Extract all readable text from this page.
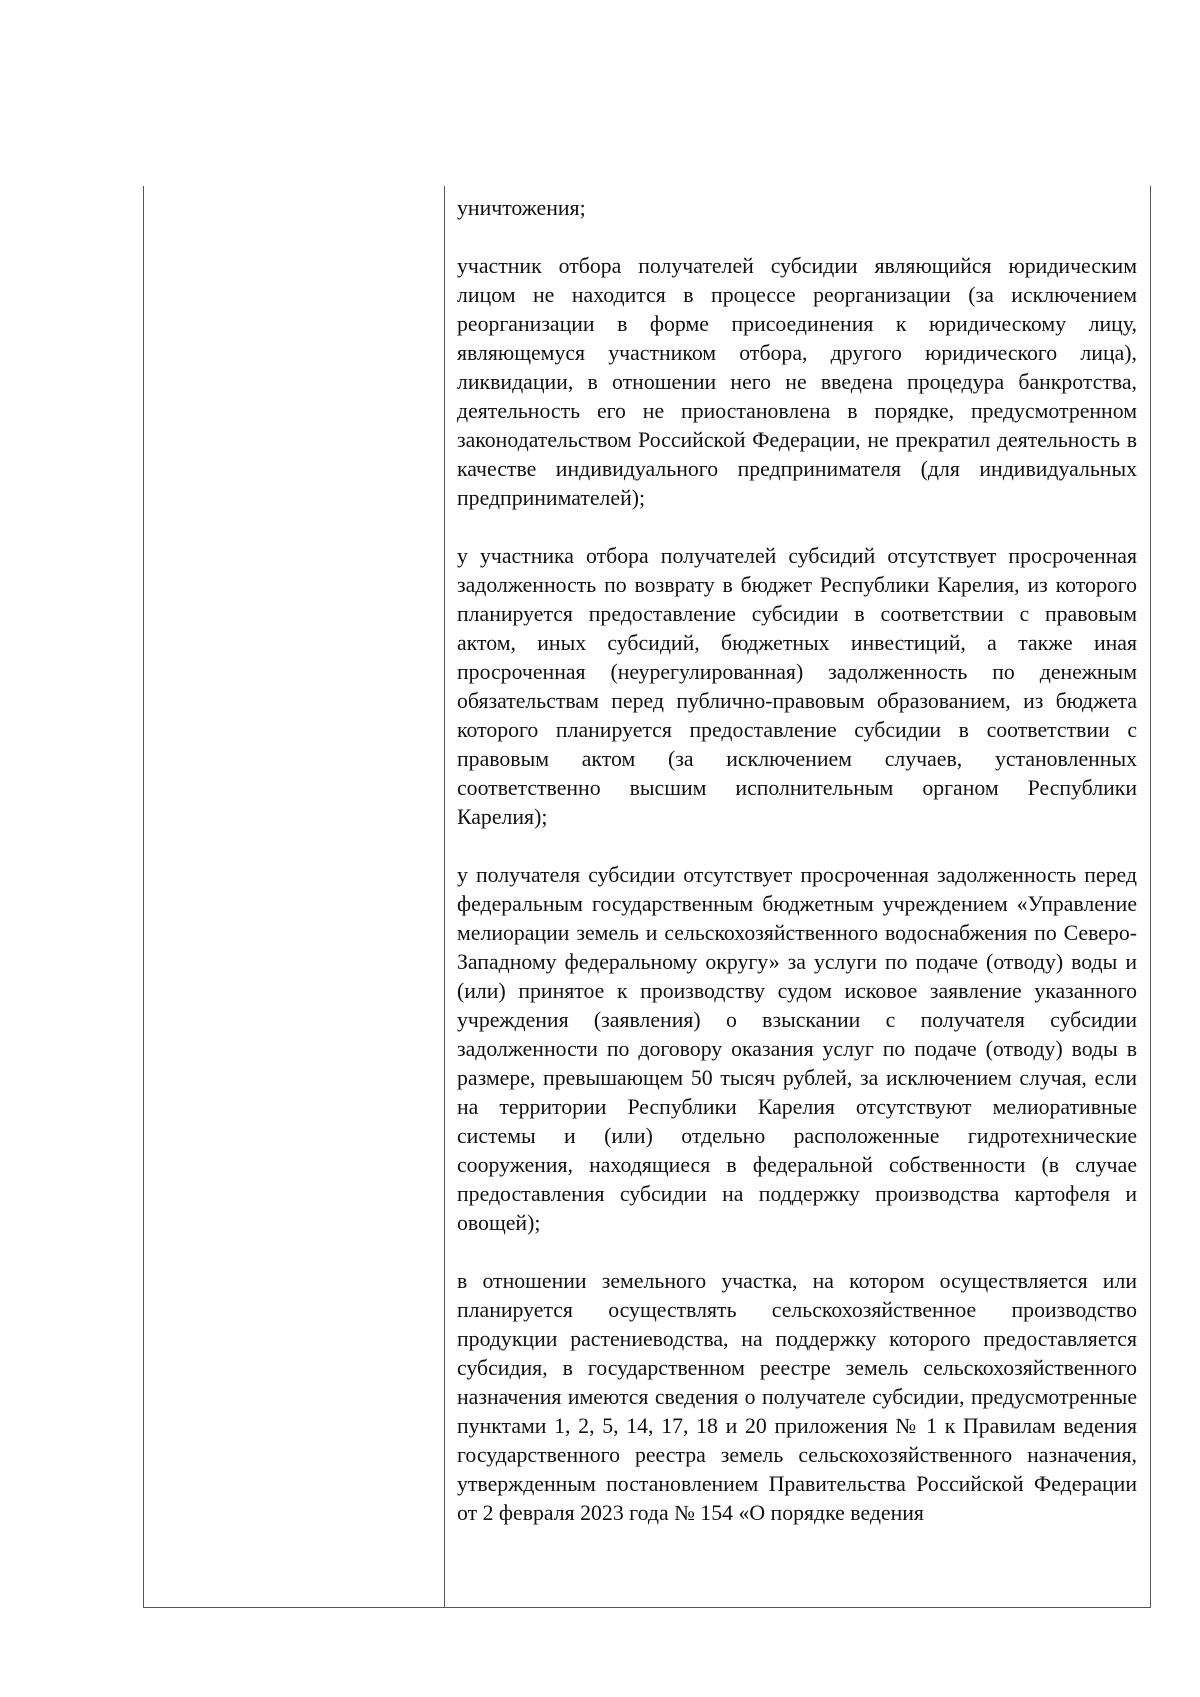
уничтожения;

участник отбора получателей субсидии являющийся юридическим лицом не находится в процессе реорганизации (за исключением реорганизации в форме присоединения к юридическому лицу, являющемуся участником отбора, другого юридического лица), ликвидации, в отношении него не введена процедура банкротства, деятельность его не приостановлена в порядке, предусмотренном законодательством Российской Федерации, не прекратил деятельность в качестве индивидуального предпринимателя (для индивидуальных предпринимателей);

у участника отбора получателей субсидий отсутствует просроченная задолженность по возврату в бюджет Республики Карелия, из которого планируется предоставление субсидии в соответствии с правовым актом, иных субсидий, бюджетных инвестиций, а также иная просроченная (неурегулированная) задолженность по денежным обязательствам перед публично-правовым образованием, из бюджета которого планируется предоставление субсидии в соответствии с правовым актом (за исключением случаев, установленных соответственно высшим исполнительным органом Республики Карелия);

у получателя субсидии отсутствует просроченная задолженность перед федеральным государственным бюджетным учреждением «Управление мелиорации земель и сельскохозяйственного водоснабжения по Северо-Западному федеральному округу» за услуги по подаче (отводу) воды и (или) принятое к производству судом исковое заявление указанного учреждения (заявления) о взыскании с получателя субсидии задолженности по договору оказания услуг по подаче (отводу) воды в размере, превышающем 50 тысяч рублей, за исключением случая, если на территории Республики Карелия отсутствуют мелиоративные системы и (или) отдельно расположенные гидротехнические сооружения, находящиеся в федеральной собственности (в случае предоставления субсидии на поддержку производства картофеля и овощей);

в отношении земельного участка, на котором осуществляется или планируется осуществлять сельскохозяйственное производство продукции растениеводства, на поддержку которого предоставляется субсидия, в государственном реестре земель сельскохозяйственного назначения имеются сведения о получателе субсидии, предусмотренные пунктами 1, 2, 5, 14, 17, 18 и 20 приложения № 1 к Правилам ведения государственного реестра земель сельскохозяйственного назначения, утвержденным постановлением Правительства Российской Федерации от 2 февраля 2023 года № 154 «О порядке ведения
